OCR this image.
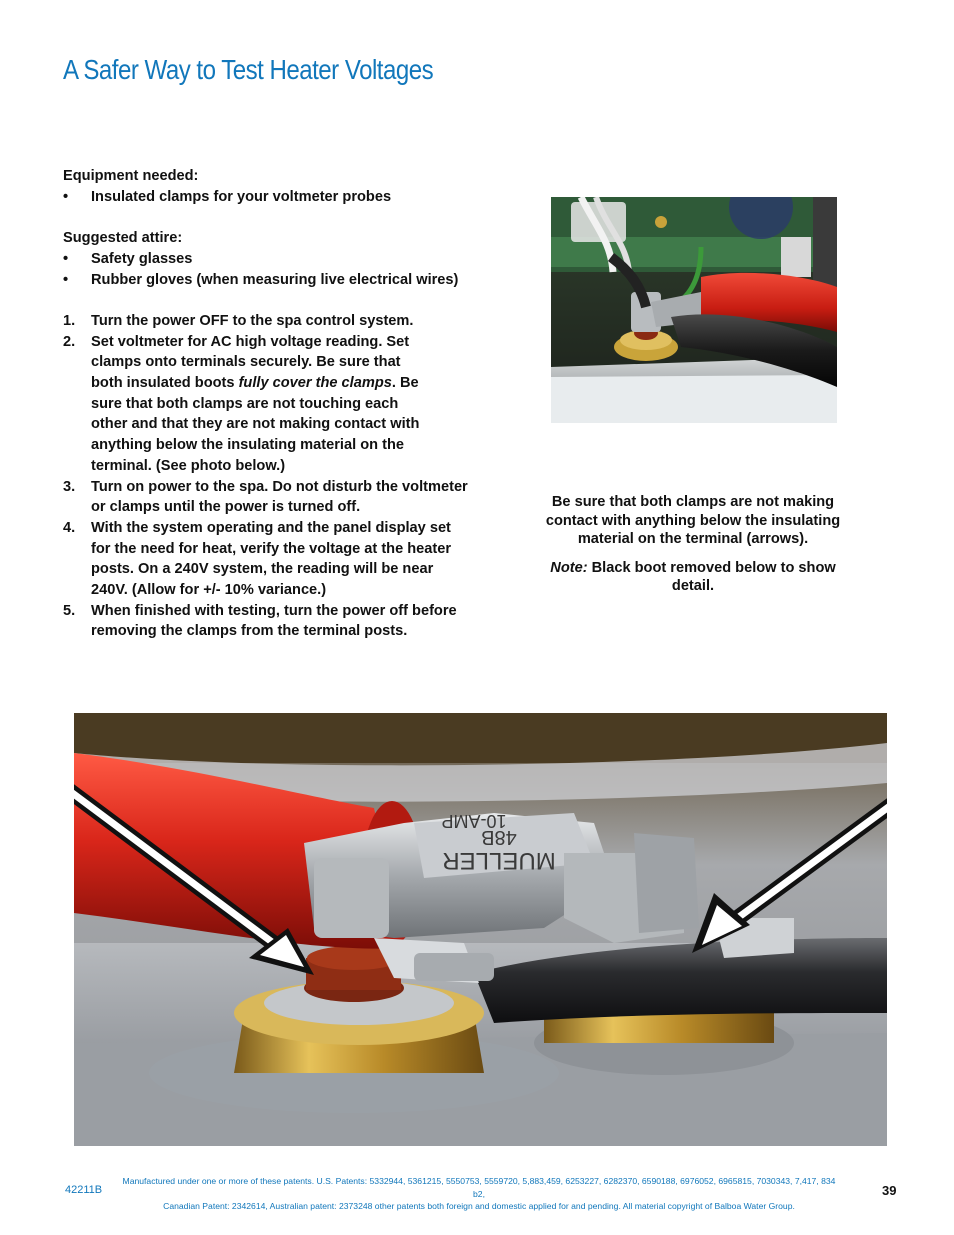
A Safer Way to Test Heater Voltages

Equipment needed:

•	Insulated clamps for your voltmeter probes

Suggested attire:

•	Safety glasses
•	Rubber gloves (when measuring live electrical wires)
1.	Turn the power OFF to the spa control system.
2.	Set voltmeter for AC high voltage reading. Set clamps onto terminals securely. Be sure that both insulated boots fully cover the clamps. Be sure that both clamps are not touching each other and that they are not making contact with anything below the insulating material on the terminal. (See photo below.)
3.	Turn on power to the spa. Do not disturb the voltmeter or clamps until the power is turned off.
4.	With the system operating and the panel display set for the need for heat, verify the voltage at the heater posts. On a 240V system, the reading will be near 240V. (Allow for +/- 10% variance.)
5.	When finished with testing, turn the power off before removing the clamps from the terminal posts.

Be sure that both clamps are not making contact with anything below the insulating material on the terminal (arrows).

Note: Black boot removed below to show detail.

MUELLER
48B
10-AMP
42211B

Manufactured under one or more of these patents. U.S. Patents: 5332944, 5361215, 5550753, 5559720, 5,883,459, 6253227, 6282370, 6590188, 6976052, 6965815, 7030343, 7,417, 834 b2,

Canadian Patent: 2342614, Australian patent: 2373248 other patents both foreign and domestic applied for and pending. All material copyright of Balboa Water Group.

39
